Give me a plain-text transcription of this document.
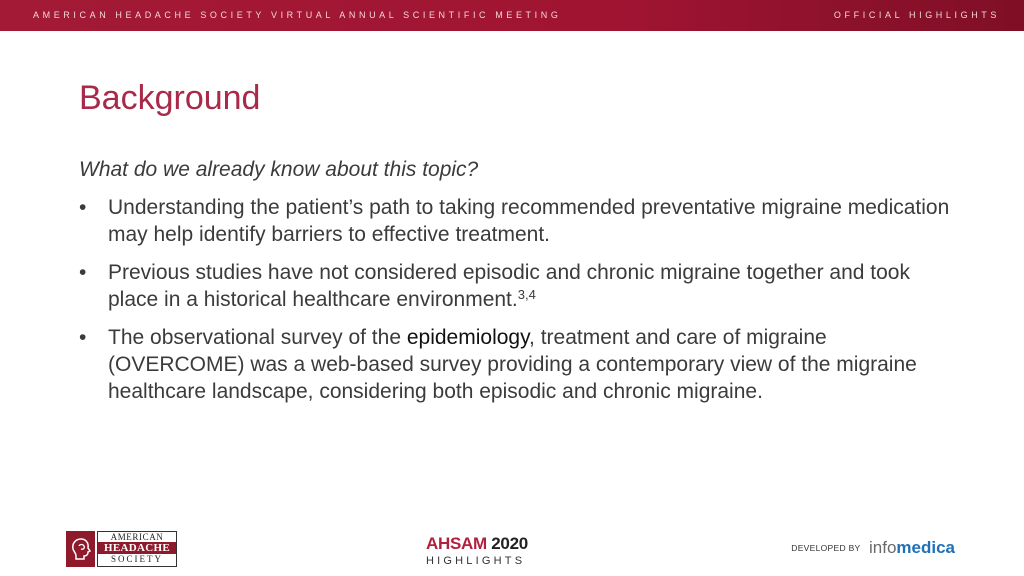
AMERICAN HEADACHE SOCIETY VIRTUAL ANNUAL SCIENTIFIC MEETING	OFFICIAL HIGHLIGHTS
Background

What do we already know about this topic?

•	Understanding the patient’s path to taking recommended preventative migraine medication may help identify barriers to effective treatment.
•	Previous studies have not considered episodic and chronic migraine together and took place in a historical healthcare environment.$^{3,4}$
•	The observational survey of the epidemiology, treatment and care of migraine (OVERCOME) was a web-based survey providing a contemporary view of the migraine healthcare landscape, considering both episodic and chronic migraine.
AMERICAN
HEADACHE
SOCIETY
AHSAM 2020
HIGHLIGHTS
DEVELOPED BY infomedica
